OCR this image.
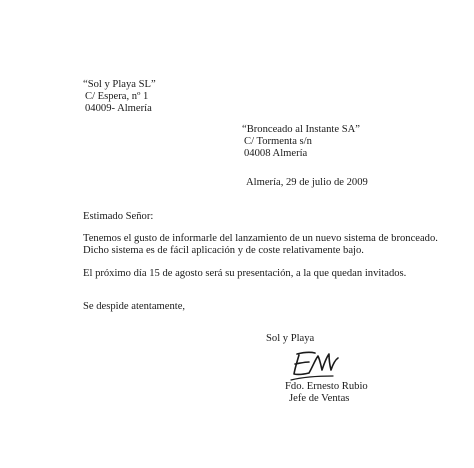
“Sol y Playa SL”
C/ Espera, nº 1
04009- Almería
“Bronceado al Instante SA”
C/ Tormenta s/n
04008 Almería
Almería, 29 de julio de 2009
Estimado Señor:
Tenemos el gusto de informarle del lanzamiento de un nuevo sistema de bronceado.
Dicho sistema es de fácil aplicación y de coste relativamente bajo.
El próximo día 15 de agosto será su presentación, a la que quedan invitados.
Se despide atentamente,
Sol y Playa
Fdo. Ernesto Rubio
Jefe de Ventas
